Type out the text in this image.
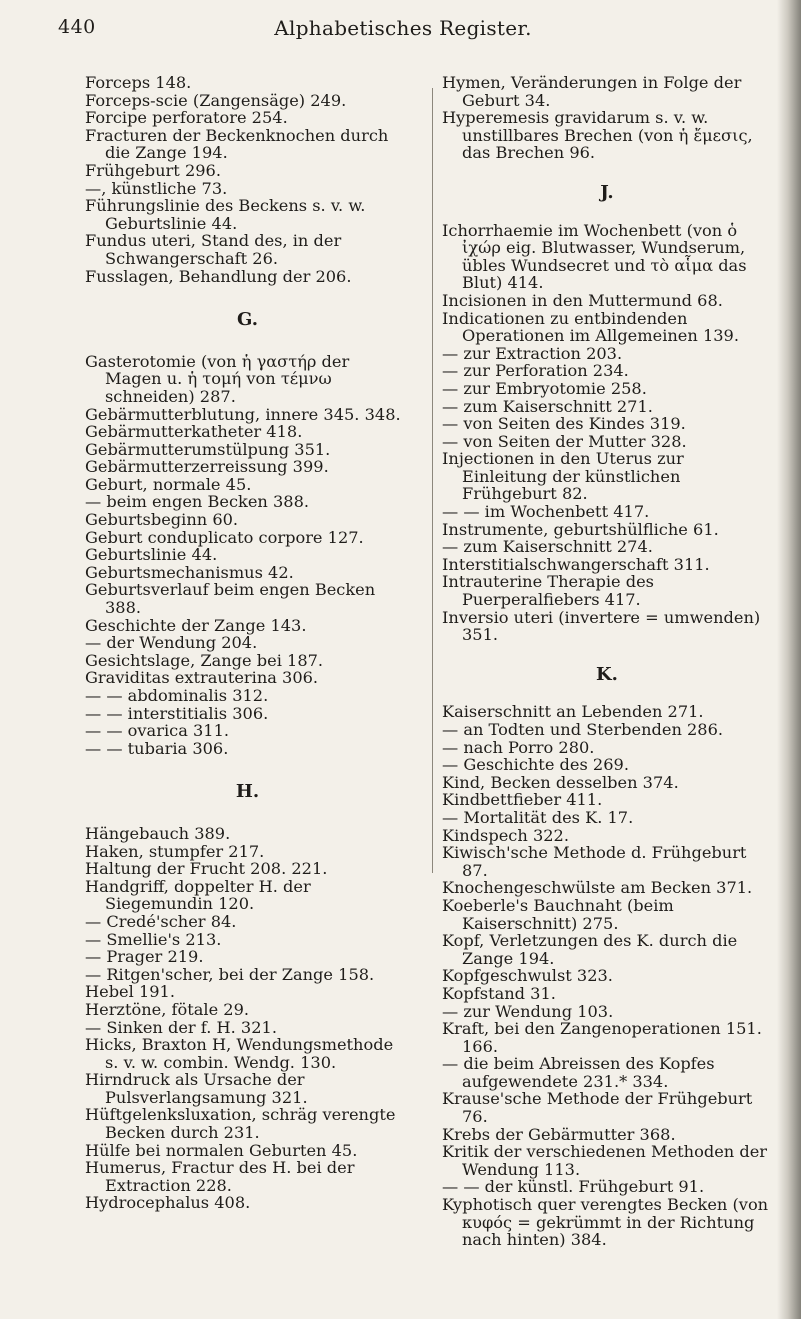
440	Alphabetisches Register.

Forceps 148.

Forceps-scie (Zangensäge) 249.

Forcipe perforatore 254.

Fracturen der Beckenknochen durch die Zange 194.

Frühgeburt 296.

—, künstliche 73.

Führungslinie des Beckens s. v. w. Geburtslinie 44.

Fundus uteri, Stand des, in der Schwangerschaft 26.

Fusslagen, Behandlung der 206.

G.

Gasterotomie (von ἡ γαστήρ der Magen u. ἡ τομή von τέμνω schneiden) 287.

Gebärmutterblutung, innere 345. 348.

Gebärmutterkatheter 418.

Gebärmutterumstülpung 351.

Gebärmutterzerreissung 399.

Geburt, normale 45.

— beim engen Becken 388.

Geburtsbeginn 60.

Geburt conduplicato corpore 127.

Geburtslinie 44.

Geburtsmechanismus 42.

Geburtsverlauf beim engen Becken 388.

Geschichte der Zange 143.

— der Wendung 204.

Gesichtslage, Zange bei 187.

Graviditas extrauterina 306.

— — abdominalis 312.

— — interstitialis 306.

— — ovarica 311.

— — tubaria 306.

H.

Hängebauch 389.

Haken, stumpfer 217.

Haltung der Frucht 208. 221.

Handgriff, doppelter H. der Siegemundin 120.

— Credé'scher 84.

— Smellie's 213.

— Prager 219.

— Ritgen'scher, bei der Zange 158.

Hebel 191.

Herztöne, fötale 29.

— Sinken der f. H. 321.

Hicks, Braxton H, Wendungsmethode s. v. w. combin. Wendg. 130.

Hirndruck als Ursache der Pulsverlangsamung 321.

Hüftgelenksluxation, schräg verengte Becken durch 231.

Hülfe bei normalen Geburten 45.

Humerus, Fractur des H. bei der Extraction 228.

Hydrocephalus 408.

Hymen, Veränderungen in Folge der Geburt 34.

Hyperemesis gravidarum s. v. w. unstillbares Brechen (von ἡ ἔμεσις, das Brechen 96.

J.

Ichorrhaemie im Wochenbett (von ὁ ἰχώρ eig. Blutwasser, Wundserum, übles Wundsecret und τὸ αἷμα das Blut) 414.

Incisionen in den Muttermund 68.

Indicationen zu entbindenden Operationen im Allgemeinen 139.

— zur Extraction 203.

— zur Perforation 234.

— zur Embryotomie 258.

— zum Kaiserschnitt 271.

— von Seiten des Kindes 319.

— von Seiten der Mutter 328.

Injectionen in den Uterus zur Einleitung der künstlichen Frühgeburt 82.

— — im Wochenbett 417.

Instrumente, geburtshülfliche 61.

— zum Kaiserschnitt 274.

Interstitialschwangerschaft 311.

Intrauterine Therapie des Puerperalfiebers 417.

Inversio uteri (invertere = umwenden) 351.

K.

Kaiserschnitt an Lebenden 271.

— an Todten und Sterbenden 286.

— nach Porro 280.

— Geschichte des 269.

Kind, Becken desselben 374.

Kindbettfieber 411.

— Mortalität des K. 17.

Kindspech 322.

Kiwisch'sche Methode d. Frühgeburt 87.

Knochengeschwülste am Becken 371.

Koeberle's Bauchnaht (beim Kaiserschnitt) 275.

Kopf, Verletzungen des K. durch die Zange 194.

Kopfgeschwulst 323.

Kopfstand 31.

— zur Wendung 103.

Kraft, bei den Zangenoperationen 151. 166.

— die beim Abreissen des Kopfes aufgewendete 231.* 334.

Krause'sche Methode der Frühgeburt 76.

Krebs der Gebärmutter 368.

Kritik der verschiedenen Methoden der Wendung 113.

— — der künstl. Frühgeburt 91.

Kyphotisch quer verengtes Becken (von κυφός = gekrümmt in der Richtung nach hinten) 384.
